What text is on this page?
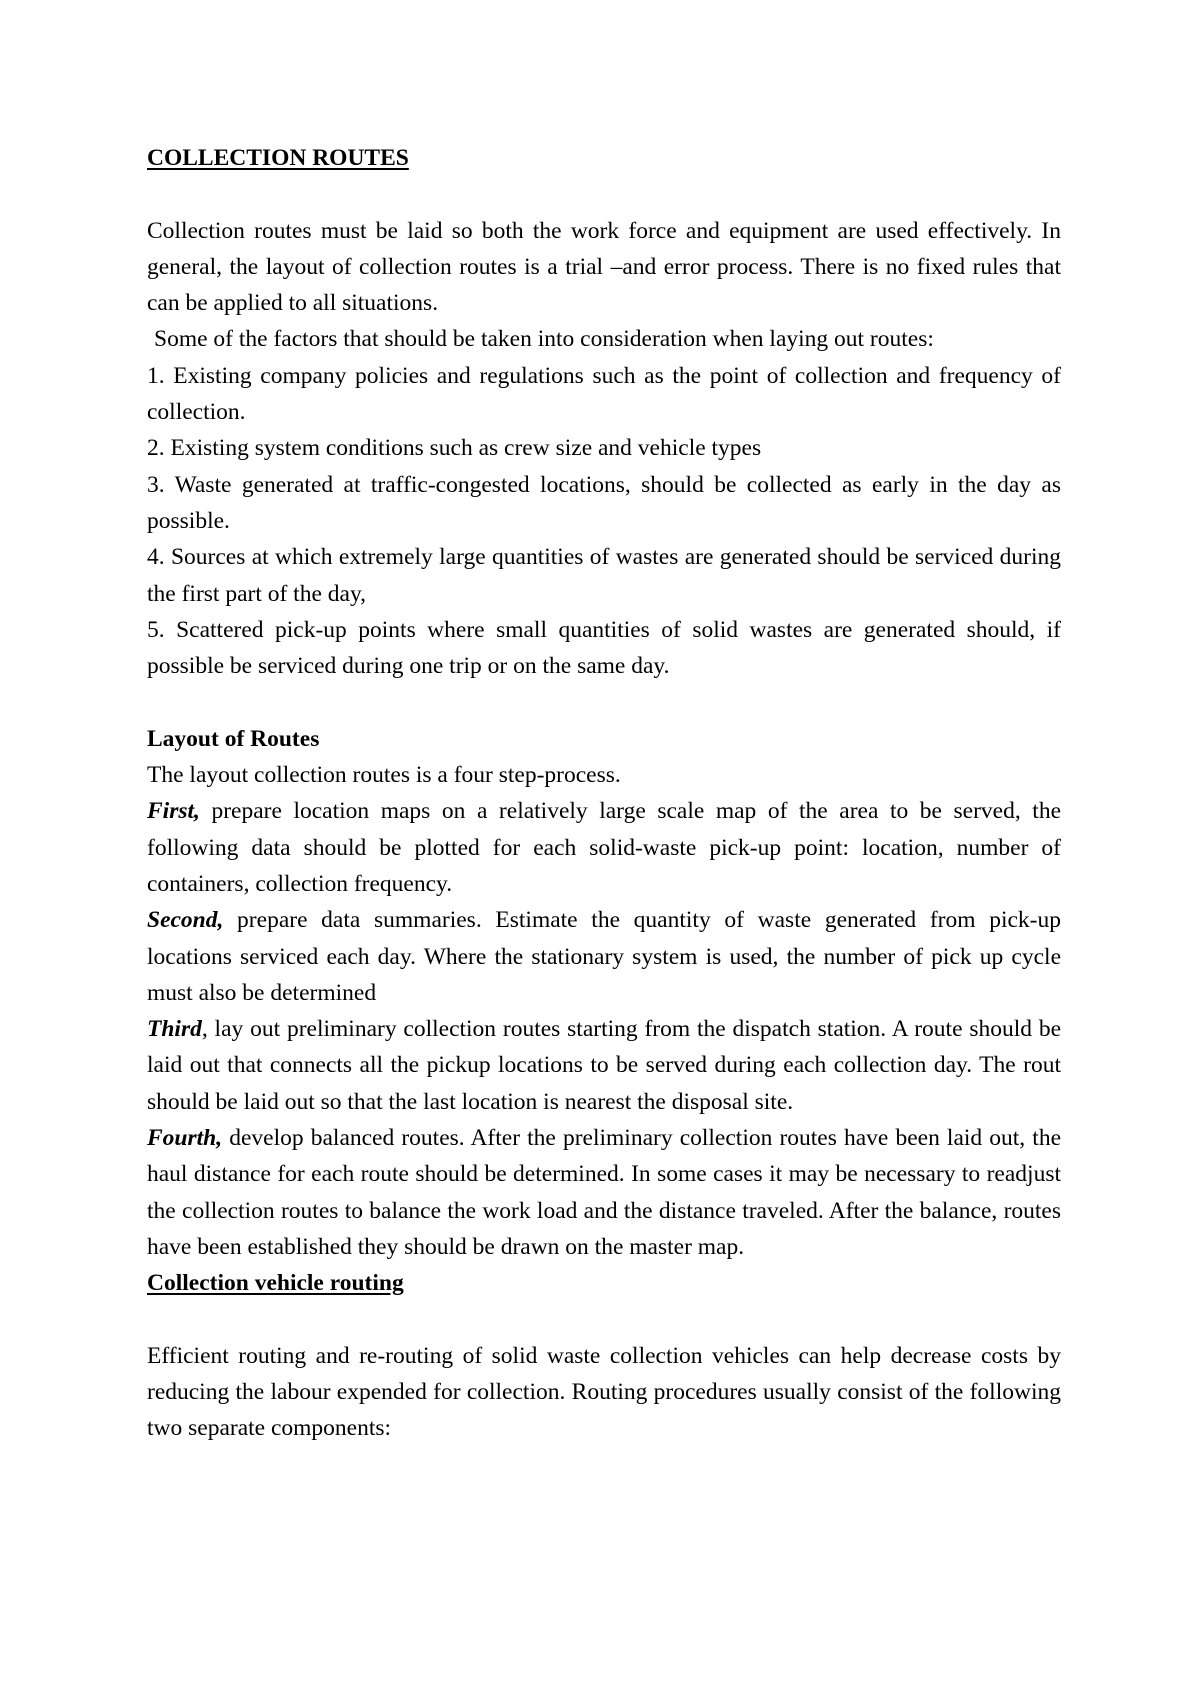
COLLECTION ROUTES

Collection routes must be laid so both the work force and equipment are used effectively. In general, the layout of collection routes is a trial –and error process. There is no fixed rules that can be applied to all situations.

Some of the factors that should be taken into consideration when laying out routes:

1. Existing company policies and regulations such as the point of collection and frequency of collection.

2. Existing system conditions such as crew size and vehicle types

3. Waste generated at traffic-congested locations, should be collected as early in the day as possible.

4. Sources at which extremely large quantities of wastes are generated should be serviced during the first part of the day,

5. Scattered pick-up points where small quantities of solid wastes are generated should, if possible be serviced during one trip or on the same day.

Layout of Routes

The layout collection routes is a four step-process.

First, prepare location maps on a relatively large scale map of the area to be served, the following data should be plotted for each solid-waste pick-up point: location, number of containers, collection frequency.

Second, prepare data summaries. Estimate the quantity of waste generated from pick-up locations serviced each day. Where the stationary system is used, the number of pick up cycle must also be determined

Third, lay out preliminary collection routes starting from the dispatch station. A route should be laid out that connects all the pickup locations to be served during each collection day. The rout should be laid out so that the last location is nearest the disposal site.

Fourth, develop balanced routes. After the preliminary collection routes have been laid out, the haul distance for each route should be determined. In some cases it may be necessary to readjust the collection routes to balance the work load and the distance traveled. After the balance, routes have been established they should be drawn on the master map.

Collection vehicle routing

Efficient routing and re-routing of solid waste collection vehicles can help decrease costs by reducing the labour expended for collection. Routing procedures usually consist of the following two separate components:
